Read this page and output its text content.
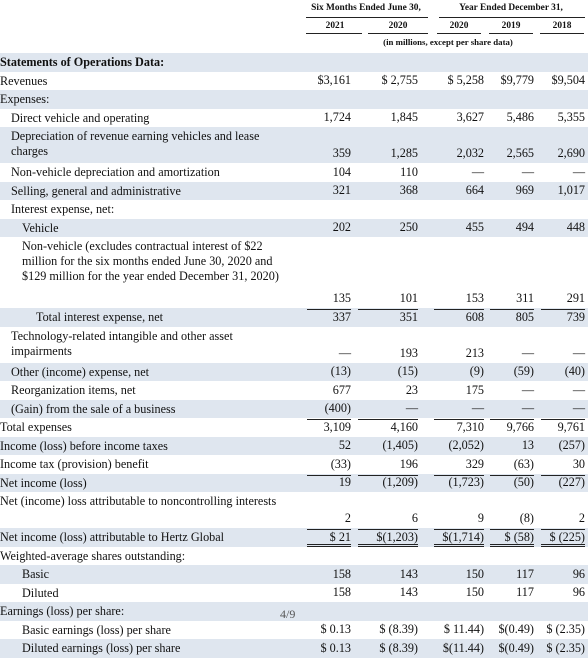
Six Months Ended June 30,	Year Ended December 31,
2021	2020	2020	2019	2018
(in millions, except per share data)
Statements of Operations Data:
Revenues	$3,161 $ 2,755 $ 5,258 $9,779 $9,504
Expenses:
Direct vehicle and operating	1,724	1,845	3,627 5,486 5,355
Depreciation of revenue earning vehicles and lease charges	359	1,285	2,032 2,565 2,690
Non-vehicle depreciation and amortization	104	110	—	—	—
Selling, general and administrative	321	368	664	969 1,017
Interest expense, net:
Vehicle	202	250	455	494	448
Non-vehicle (excludes contractual interest of $22 million for the six months ended June 30, 2020 and $129 million for the year ended December 31, 2020)
135	101	153	311	291
Total interest expense, net	337	351	608	805	739
Technology-related intangible and other asset impairments	—	193	213	—	—
Other (income) expense, net	(13)	(15)	(9) (59)	(40)
Reorganization items, net	677	23	175	—	—
(Gain) from the sale of a business	(400)	—	—	—	—
Total expenses	3,109	4,160	7,310 9,766 9,761
Income (loss) before income taxes	52	(1,405) (2,052)	13 (257)
Income tax (provision) benefit	(33)	196	329 (63)	30
Net income (loss)	19	(1,209) (1,723) (50) (227)
Net (income) loss attributable to noncontrolling interests
2	6	9	(8)	2
Net income (loss) attributable to Hertz Global	$ 21 $(1,203) $(1,714) $ (58) $ (225)
Weighted-average shares outstanding:
Basic	158	143	150	117	96
Diluted	158	143	150	117	96
Earnings (loss) per share:
Basic earnings (loss) per share	$ 0.13 $ (8.39) $ 11.44) $(0.49) $ (2.35)
Diluted earnings (loss) per share	$ 0.13 $ (8.39) $(11.44) $(0.49) $ (2.35)
4/9
